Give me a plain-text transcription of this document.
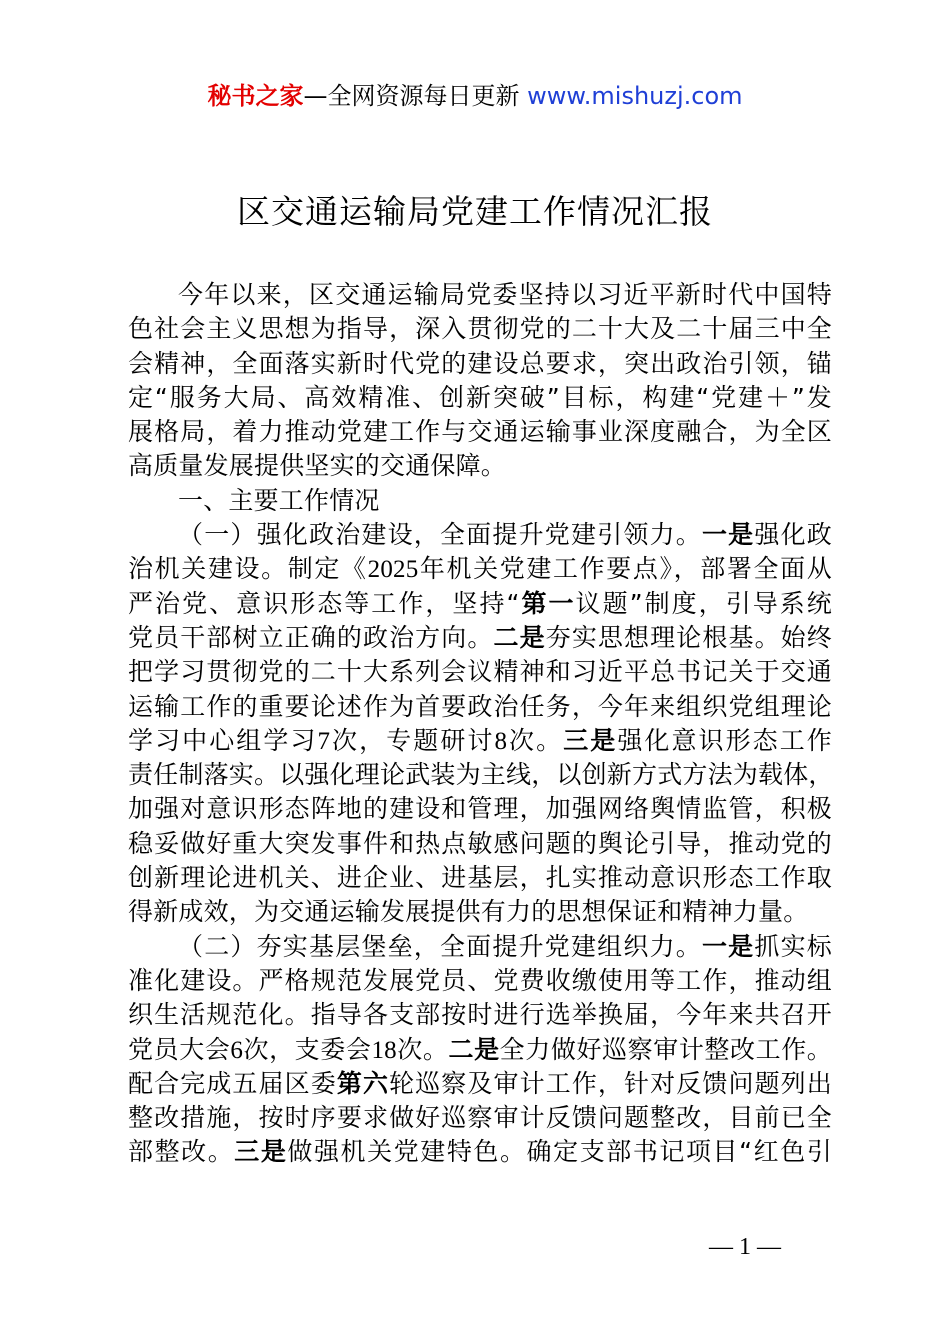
秘书之家—全网资源每日更新 www.mishuzj.com
区交通运输局党建工作情况汇报
今年以来，区交通运输局党委坚持以习近平新时代中国特
色社会主义思想为指导，深入贯彻党的二十大及二十届三中全
会精神，全面落实新时代党的建设总要求，突出政治引领，锚
定“服务大局、高效精准、创新突破”目标，构建“党建＋”发
展格局，着力推动党建工作与交通运输事业深度融合，为全区
高质量发展提供坚实的交通保障。
一、主要工作情况
（一）强化政治建设，全面提升党建引领力。一是强化政
治机关建设。制定《2025年机关党建工作要点》，部署全面从
严治党、意识形态等工作，坚持“第一议题”制度，引导系统
党员干部树立正确的政治方向。二是夯实思想理论根基。始终
把学习贯彻党的二十大系列会议精神和习近平总书记关于交通
运输工作的重要论述作为首要政治任务，今年来组织党组理论
学习中心组学习7次，专题研讨8次。三是强化意识形态工作
责任制落实。以强化理论武装为主线，以创新方式方法为载体，
加强对意识形态阵地的建设和管理，加强网络舆情监管，积极
稳妥做好重大突发事件和热点敏感问题的舆论引导，推动党的
创新理论进机关、进企业、进基层，扎实推动意识形态工作取
得新成效，为交通运输发展提供有力的思想保证和精神力量。
（二）夯实基层堡垒，全面提升党建组织力。一是抓实标
准化建设。严格规范发展党员、党费收缴使用等工作，推动组
织生活规范化。指导各支部按时进行选举换届，今年来共召开
党员大会6次，支委会18次。二是全力做好巡察审计整改工作。
配合完成五届区委第六轮巡察及审计工作，针对反馈问题列出
整改措施，按时序要求做好巡察审计反馈问题整改，目前已全
部整改。三是做强机关党建特色。确定支部书记项目“红色引
— 1 —
